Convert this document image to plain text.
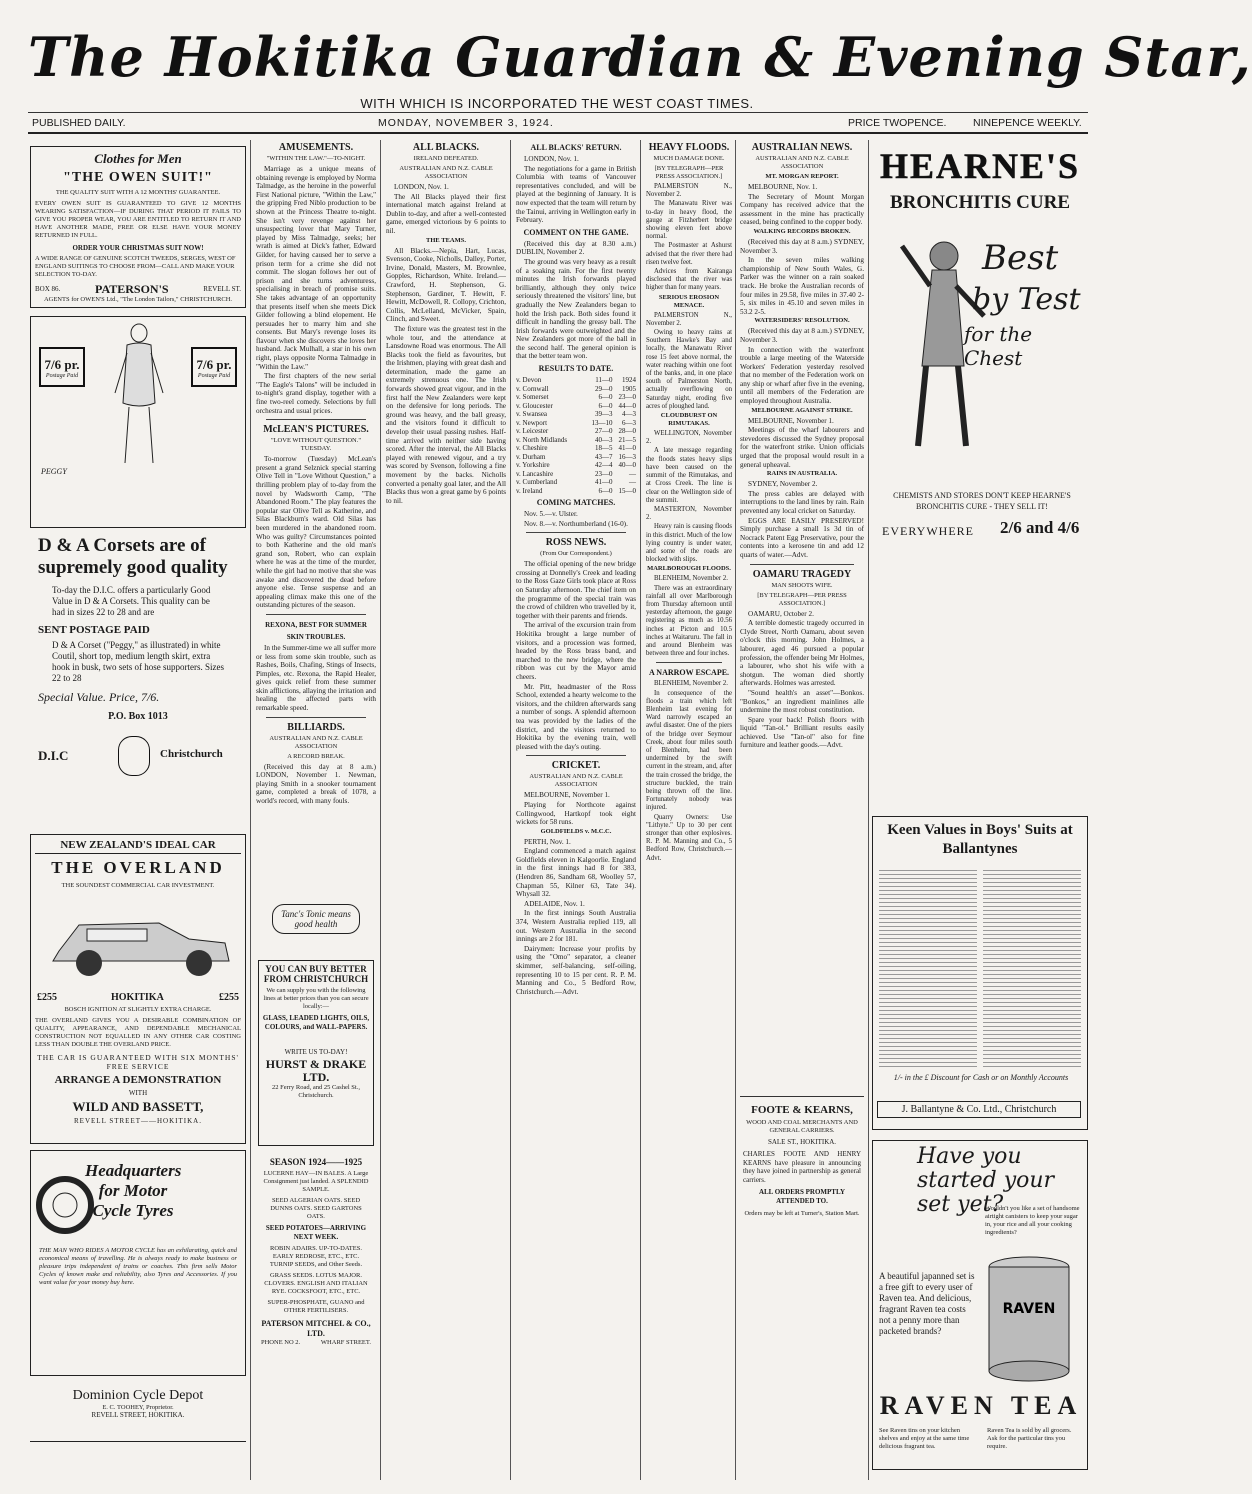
The Hokitika Guardian & Evening Star,
WITH WHICH IS INCORPORATED THE WEST COAST TIMES.
PUBLISHED DAILY.	MONDAY, NOVEMBER 3, 1924.	PRICE TWOPENCE.	NINEPENCE WEEKLY.
Clothes for Men
"THE OWEN SUIT!"
THE QUALITY SUIT WITH A 12 MONTHS' GUARANTEE.
EVERY OWEN SUIT IS GUARANTEED TO GIVE 12 MONTHS WEARING SATISFACTION—IF DURING THAT PERIOD IT FAILS TO GIVE YOU PROPER WEAR, YOU ARE ENTITLED TO RETURN IT AND HAVE ANOTHER MADE, FREE OR ELSE HAVE YOUR MONEY RETURNED IN FULL.
ORDER YOUR CHRISTMAS SUIT NOW!
A WIDE RANGE OF GENUINE SCOTCH TWEEDS, SERGES, WEST OF ENGLAND SUITINGS TO CHOOSE FROM—CALL AND MAKE YOUR SELECTION TO-DAY.
BOX 86.	PATERSON'S	REVELL ST.
AGENTS for OWEN'S Ltd., "The London Tailors," CHRISTCHURCH.
7/6 pr.
Postage Paid
7/6 pr.
Postage Paid
PEGGY
D & A Corsets are of supremely good quality
To-day the D.I.C. offers a particularly Good Value in D & A Corsets. This quality can be had in sizes 22 to 28 and are
SENT POSTAGE PAID
D & A Corset ("Peggy," as illustrated) in white Coutil, short top, medium length skirt, extra hook in busk, two sets of hose supporters. Sizes 22 to 28
Special Value. Price, 7/6.
P.O. Box 1013
D.I.C	Christchurch
NEW ZEALAND'S IDEAL CAR
THE OVERLAND
THE SOUNDEST COMMERCIAL CAR INVESTMENT.
£255	HOKITIKA	£255
BOSCH IGNITION AT SLIGHTLY EXTRA CHARGE.
THE OVERLAND GIVES YOU A DESIRABLE COMBINATION OF QUALITY, APPEARANCE, AND DEPENDABLE MECHANICAL CONSTRUCTION NOT EQUALLED IN ANY OTHER CAR COSTING LESS THAN DOUBLE THE OVERLAND PRICE.
THE CAR IS GUARANTEED WITH SIX MONTHS' FREE SERVICE
ARRANGE A DEMONSTRATION
WITH
WILD AND BASSETT,
REVELL STREET——HOKITIKA.
Headquarters for Motor Cycle Tyres
THE MAN WHO RIDES A MOTOR CYCLE has an exhilarating, quick and economical means of travelling. He is always ready to make business or pleasure trips independent of trains or coaches. This firm sells Motor Cycles of known make and reliability, also Tyres and Accessories. If you want value for your money buy here.
Dominion Cycle Depot
E. C. TOOHEY, Proprietor.
REVELL STREET, HOKITIKA.
AMUSEMENTS.
"WITHIN THE LAW."—TO-NIGHT.

Marriage as a unique means of obtaining revenge is employed by Norma Talmadge, as the heroine in the powerful First National picture, "Within the Law," the gripping Fred Niblo production to be shown at the Princess Theatre to-night. She isn't very revenge against her unsuspecting lover that Mary Turner, played by Miss Talmadge, seeks; her wrath is aimed at Dick's father, Edward Gilder, for having caused her to serve a prison term for a crime she did not commit. The slogan follows her out of prison and she turns adventuress, specialising in breach of promise suits. She takes advantage of an opportunity that presents itself when she meets Dick Gilder following a blind elopement. He persuades her to marry him and she consents. But Mary's revenge loses its flavour when she discovers she loves her husband. Jack Mulhall, a star in his own right, plays opposite Norma Talmadge in "Within the Law."

The first chapters of the new serial "The Eagle's Talons" will be included in to-night's grand display, together with a fine two-reel comedy. Selections by full orchestra and usual prices.

McLEAN'S PICTURES.
"LOVE WITHOUT QUESTION." TUESDAY.

To-morrow (Tuesday) McLean's present a grand Selznick special starring Olive Tell in "Love Without Question," a thrilling problem play of to-day from the novel by Wadsworth Camp, "The Abandoned Room." The play features the popular star Olive Tell as Katherine, and Silas Blackburn's ward. Old Silas has been murdered in the abandoned room. Who was guilty? Circumstances pointed to both Katherine and the old man's grand son, Robert, who can explain where he was at the time of the murder, while the girl had no motive that she was awake and discovered the dead before anyone else. Tense suspense and an appealing climax make this one of the outstanding pictures of the season.

REXONA, BEST FOR SUMMER SKIN TROUBLES.

In the Summer-time we all suffer more or less from some skin trouble, such as Rashes, Boils, Chafing, Stings of Insects, Pimples, etc. Rexona, the Rapid Healer, gives quick relief from these summer skin afflictions, allaying the irritation and healing the affected parts with remarkable speed.

BILLIARDS.
AUSTRALIAN AND N.Z. CABLE ASSOCIATION
A RECORD BREAK.

(Received this day at 8 a.m.) LONDON, November 1. Newman, playing Smith in a snooker tournament game, completed a break of 1078, a world's record, with many fouls.

Tanc's Tonic means good health
YOU CAN BUY BETTER FROM CHRISTCHURCH
We can supply you with the following lines at better prices than you can secure locally:—
GLASS, LEADED LIGHTS, OILS, COLOURS, and WALL-PAPERS.
WRITE US TO-DAY!
HURST & DRAKE LTD.
22 Ferry Road, and 25 Cashel St., Christchurch.
SEASON 1924——1925
LUCERNE HAY—IN BALES. A Large Consignment just landed. A SPLENDID SAMPLE.
SEED ALGERIAN OATS. SEED DUNNS OATS. SEED GARTONS OATS.
SEED POTATOES—ARRIVING NEXT WEEK.
ROBIN ADAIRS. UP-TO-DATES. EARLY REDROSE, ETC., ETC. TURNIP SEEDS, and Other Seeds.
GRASS SEEDS. LOTUS MAJOR. CLOVERS. ENGLISH AND ITALIAN RYE. COCKSFOOT, ETC., ETC.
SUPER-PHOSPHATE, GUANO and OTHER FERTILISERS.
PATERSON MITCHEL & CO., LTD.
PHONE NO 2.	WHARF STREET.
ALL BLACKS.
IRELAND DEFEATED.
AUSTRALIAN AND N.Z. CABLE ASSOCIATION

LONDON, Nov. 1.

The All Blacks played their first international match against Ireland at Dublin to-day, and after a well-contested game, emerged victorious by 6 points to nil.

THE TEAMS.

All Blacks.—Nepia, Hart, Lucas, Svenson, Cooke, Nicholls, Dalley, Porter, Irvine, Donald, Masters, M. Brownlee, Gopples, Richardson, White. Ireland.—Crawford, H. Stephenson, G. Stephenson, Gardiner, T. Hewitt, F. Hewitt, McDowell, R. Collopy, Crichton, Collis, McLelland, McVicker, Spain, Clinch, and Sweet.

The fixture was the greatest test in the whole tour, and the attendance at Lansdowne Road was enormous. The All Blacks took the field as favourites, but the Irishmen, playing with great dash and determination, made the game an extremely strenuous one. The Irish forwards showed great vigour, and in the first half the New Zealanders were kept on the defensive for long periods. The ground was heavy, and the ball greasy, and the visitors found it difficult to develop their usual passing rushes. Half-time arrived with neither side having scored. After the interval, the All Blacks played with renewed vigour, and a try was scored by Svenson, following a fine movement by the backs. Nicholls converted a penalty goal later, and the All Blacks thus won a great game by 6 points to nil.

ALL BLACKS' RETURN.

LONDON, Nov. 1.

The negotiations for a game in British Columbia with teams of Vancouver representatives concluded, and will be played at the beginning of January. It is now expected that the team will return by the Tainui, arriving in Wellington early in February.

COMMENT ON THE GAME.

(Received this day at 8.30 a.m.) DUBLIN, November 2.

The ground was very heavy as a result of a soaking rain. For the first twenty minutes the Irish forwards played brilliantly, although they only twice seriously threatened the visitors' line, but gradually the New Zealanders began to hold the Irish pack. Both sides found it difficult in handling the greasy ball. The Irish forwards were outweighted and the New Zealanders got more of the ball in the second half. The general opinion is that the better team won.

RESULTS TO DATE.
v. Devon	11—0	1924
v. Cornwall	29—0	1905
v. Somerset	6—0	23—0
v. Gloucester	6—0	44—0
v. Swansea	39—3	4—3
v. Newport	13—10	6—3
v. Leicester	27—0	28—0
v. North Midlands	40—3	21—5
v. Cheshire	18—5	41—0
v. Durham	43—7	16—3
v. Yorkshire	42—4	40—0
v. Lancashire	23—0	—
v. Cumberland	41—0	—
v. Ireland	6—0	15—0
COMING MATCHES.

Nov. 5.—v. Ulster.

Nov. 8.—v. Northumberland (16-0).

ROSS NEWS.
(From Our Correspondent.)

The official opening of the new bridge crossing at Donnelly's Creek and leading to the Ross Gaze Girls took place at Ross on Saturday afternoon. The chief item on the programme of the special train was the crowd of children who travelled by it, together with their parents and friends.

The arrival of the excursion train from Hokitika brought a large number of visitors, and a procession was formed, headed by the Ross brass band, and marched to the new bridge, where the ribbon was cut by the Mayor amid cheers.

Mr. Pitt, headmaster of the Ross School, extended a hearty welcome to the visitors, and the children afterwards sang a number of songs. A splendid afternoon tea was provided by the ladies of the district, and the visitors returned to Hokitika by the evening train, well pleased with the day's outing.

CRICKET.
AUSTRALIAN AND N.Z. CABLE ASSOCIATION

MELBOURNE, November 1.

Playing for Northcote against Collingwood, Hartkopf took eight wickets for 58 runs.

GOLDFIELDS v. M.C.C.

PERTH, Nov. 1.

England commenced a match against Goldfields eleven in Kalgoorlie. England in the first innings had 8 for 383, (Hendren 86, Sandham 68, Woolley 57, Chapman 55, Kilner 63, Tate 34). Whysall 32.

ADELAIDE, Nov. 1.

In the first innings South Australia 374, Western Australia replied 119, all out. Western Australia in the second innings are 2 for 181.

Dairymen: Increase your profits by using the "Omo" separator, a cleaner skimmer, self-balancing, self-oiling, representing 10 to 15 per cent. R. P. M. Manning and Co., 5 Bedford Row, Christchurch.—Advt.

HEAVY FLOODS.
MUCH DAMAGE DONE.
[BY TELEGRAPH—PER PRESS ASSOCIATION.]

PALMERSTON N., November 2.

The Manawatu River was to-day in heavy flood, the gauge at Fitzherbert bridge showing eleven feet above normal.

The Postmaster at Ashurst advised that the river there had risen twelve feet.

Advices from Kairanga disclosed that the river was higher than for many years.

SERIOUS EROSION MENACE.

PALMERSTON N., November 2.

Owing to heavy rains at Southern Hawke's Bay and locally, the Manawatu River rose 15 feet above normal, the water reaching within one foot of the banks, and, in one place south of Palmerston North, actually overflowing on Saturday night, eroding five acres of ploughed land.

CLOUDBURST ON RIMUTAKAS.

WELLINGTON, November 2.

A late message regarding the floods states heavy slips have been caused on the summit of the Rimutakas, and at Cross Creek. The line is clear on the Wellington side of the summit.

MASTERTON, November 2.

Heavy rain is causing floods in this district. Much of the low lying country is under water, and some of the roads are blocked with slips.

MARLBOROUGH FLOODS.

BLENHEIM, November 2.

There was an extraordinary rainfall all over Marlborough from Thursday afternoon until yesterday afternoon, the gauge registering as much as 10.56 inches at Picton and 10.5 inches at Waitaruru. The fall in and around Blenheim was between three and four inches.

A NARROW ESCAPE.

BLENHEIM, November 2.

In consequence of the floods a train which left Blenheim last evening for Ward narrowly escaped an awful disaster. One of the piers of the bridge over Seymour Creek, about four miles south of Blenheim, had been undermined by the swift current in the stream, and, after the train crossed the bridge, the structure buckled, the train being thrown off the line. Fortunately nobody was injured.

Quarry Owners: Use "Lithyte." Up to 30 per cent stronger than other explosives. R. P. M. Manning and Co., 5 Bedford Row, Christchurch.—Advt.

AUSTRALIAN NEWS.
AUSTRALIAN AND N.Z. CABLE ASSOCIATION
MT. MORGAN REPORT.

MELBOURNE, Nov. 1.

The Secretary of Mount Morgan Company has received advice that the assessment in the mine has practically ceased, being confined to the copper body.

WALKING RECORDS BROKEN.

(Received this day at 8 a.m.) SYDNEY, November 3.

In the seven miles walking championship of New South Wales, G. Parker was the winner on a rain soaked track. He broke the Australian records of four miles in 29.58, five miles in 37.40 2-5, six miles in 45.10 and seven miles in 53.2 2-5.

WATERSIDERS' RESOLUTION.

(Received this day at 8 a.m.) SYDNEY, November 3.

In connection with the waterfront trouble a large meeting of the Waterside Workers' Federation yesterday resolved that no member of the Federation work on any ship or wharf after five in the evening, until all members of the Federation are employed throughout Australia.

MELBOURNE AGAINST STRIKE.

MELBOURNE, November 1.

Meetings of the wharf labourers and stevedores discussed the Sydney proposal for the waterfront strike. Union officials urged that the proposal would result in a general upheaval.

RAINS IN AUSTRALIA.

SYDNEY, November 2.

The press cables are delayed with interruptions to the land lines by rain. Rain prevented any local cricket on Saturday.

EGGS ARE EASILY PRESERVED! Simply purchase a small 1s 3d tin of Nocrack Patent Egg Preservative, pour the contents into a kerosene tin and add 12 quarts of water.—Advt.

OAMARU TRAGEDY
MAN SHOOTS WIFE.
[BY TELEGRAPH—PER PRESS ASSOCIATION.]

OAMARU, October 2.

A terrible domestic tragedy occurred in Clyde Street, North Oamaru, about seven o'clock this morning. John Holmes, a labourer, aged 46 pursued a popular profession, the offender being Mr Holmes, a labourer, who shot his wife with a shotgun. The woman died shortly afterwards. Holmes was arrested.

"Sound health's an asset"—Bonkos. "Bonkos," an ingredient mainlines alle undermine the most robust constitution.

Spare your back! Polish floors with liquid "Tan-ol." Brilliant results easily achieved. Use "Tan-ol" also for fine furniture and leather goods.—Advt.

FOOTE & KEARNS,
WOOD AND COAL MERCHANTS AND GENERAL CARRIERS.
SALE ST., HOKITIKA.
CHARLES FOOTE AND HENRY KEARNS have pleasure in announcing they have joined in partnership as general carriers.
ALL ORDERS PROMPTLY ATTENDED TO.
Orders may be left at Turner's, Station Mart.
HEARNE'S
BRONCHITIS CURE
Best
by Test
for the Chest
CHEMISTS AND STORES DON'T KEEP HEARNE'S BRONCHITIS CURE - THEY SELL IT!
EVERYWHERE 2/6 and 4/6
Keen Values in Boys' Suits at Ballantynes
1/- in the £ Discount for Cash or on Monthly Accounts
J. Ballantyne & Co. Ltd., Christchurch
Have you started your set yet?
Wouldn't you like a set of handsome airtight canisters to keep your sugar in, your rice and all your cooking ingredients?
A beautiful japanned set is a free gift to every user of Raven tea. And delicious, fragrant Raven tea costs not a penny more than packeted brands?
RAVEN
RAVEN TEA
See Raven tins on your kitchen shelves and enjoy at the same time delicious fragrant tea.
Raven Tea is sold by all grocers. Ask for the particular tins you require.
